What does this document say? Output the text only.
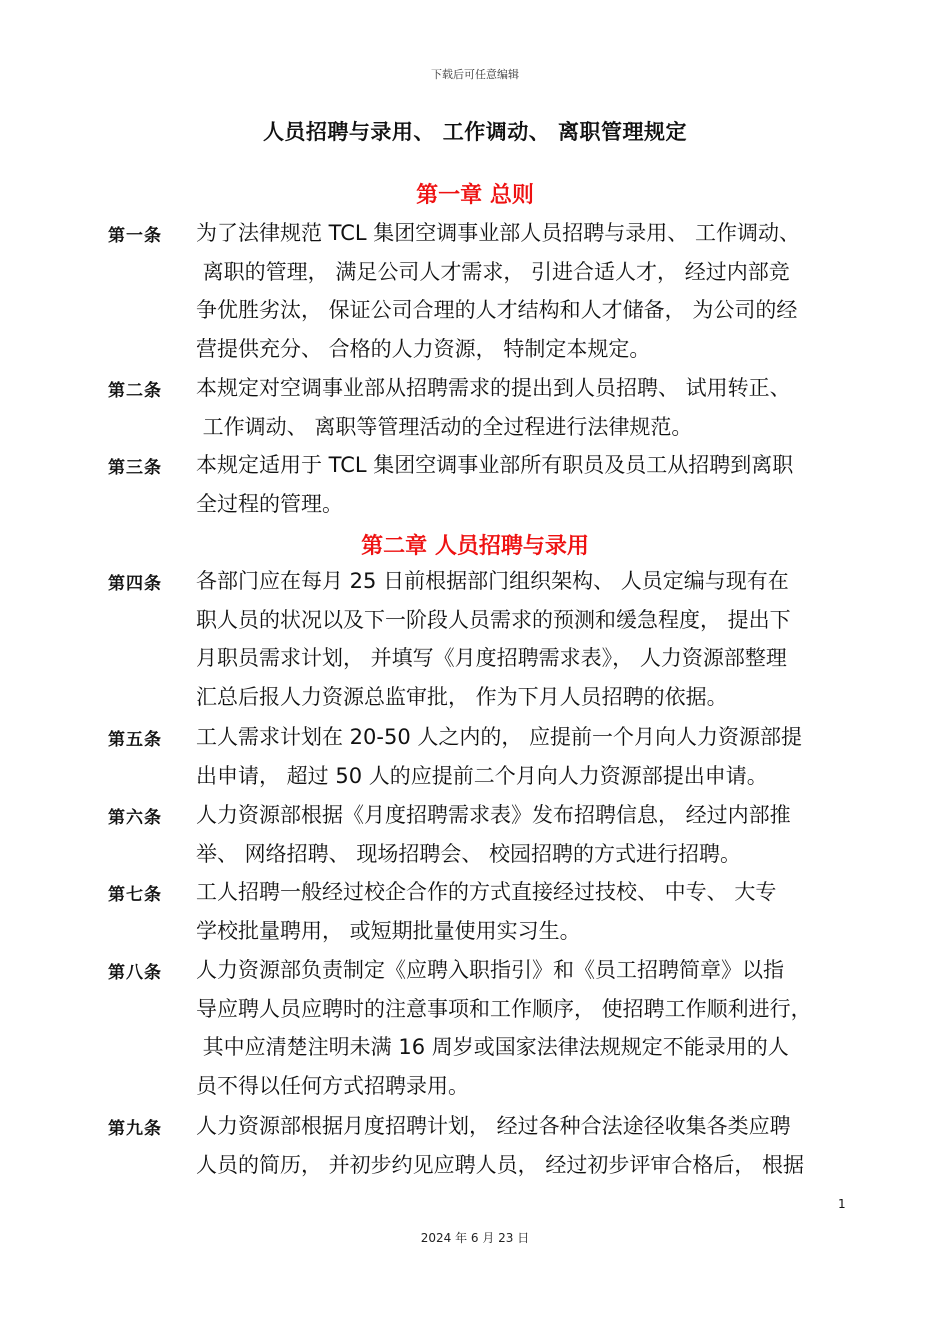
下载后可任意编辑
人员招聘与录用、 工作调动、 离职管理规定
第一章 总则
第一条 为了法律规范 TCL 集团空调事业部人员招聘与录用、 工作调动、
离职的管理， 满足公司人才需求， 引进合适人才， 经过内部竞
争优胜劣汰， 保证公司合理的人才结构和人才储备， 为公司的经
营提供充分、 合格的人力资源， 特制定本规定。
第二条 本规定对空调事业部从招聘需求的提出到人员招聘、 试用转正、
工作调动、 离职等管理活动的全过程进行法律规范。
第三条 本规定适用于 TCL 集团空调事业部所有职员及员工从招聘到离职
全过程的管理。
第二章 人员招聘与录用
第四条 各部门应在每月 25 日前根据部门组织架构、 人员定编与现有在
职人员的状况以及下一阶段人员需求的预测和缓急程度， 提出下
月职员需求计划， 并填写《月度招聘需求表》， 人力资源部整理
汇总后报人力资源总监审批， 作为下月人员招聘的依据。
第五条 工人需求计划在 20-50 人之内的， 应提前一个月向人力资源部提
出申请， 超过 50 人的应提前二个月向人力资源部提出申请。
第六条 人力资源部根据《月度招聘需求表》发布招聘信息， 经过内部推
举、 网络招聘、 现场招聘会、 校园招聘的方式进行招聘。
第七条 工人招聘一般经过校企合作的方式直接经过技校、 中专、 大专
学校批量聘用， 或短期批量使用实习生。
第八条 人力资源部负责制定《应聘入职指引》和《员工招聘简章》以指
导应聘人员应聘时的注意事项和工作顺序， 使招聘工作顺利进行，
其中应清楚注明未满 16 周岁或国家法律法规规定不能录用的人
员不得以任何方式招聘录用。
第九条 人力资源部根据月度招聘计划， 经过各种合法途径收集各类应聘
人员的简历， 并初步约见应聘人员， 经过初步评审合格后， 根据
1
2024 年 6 月 23 日
